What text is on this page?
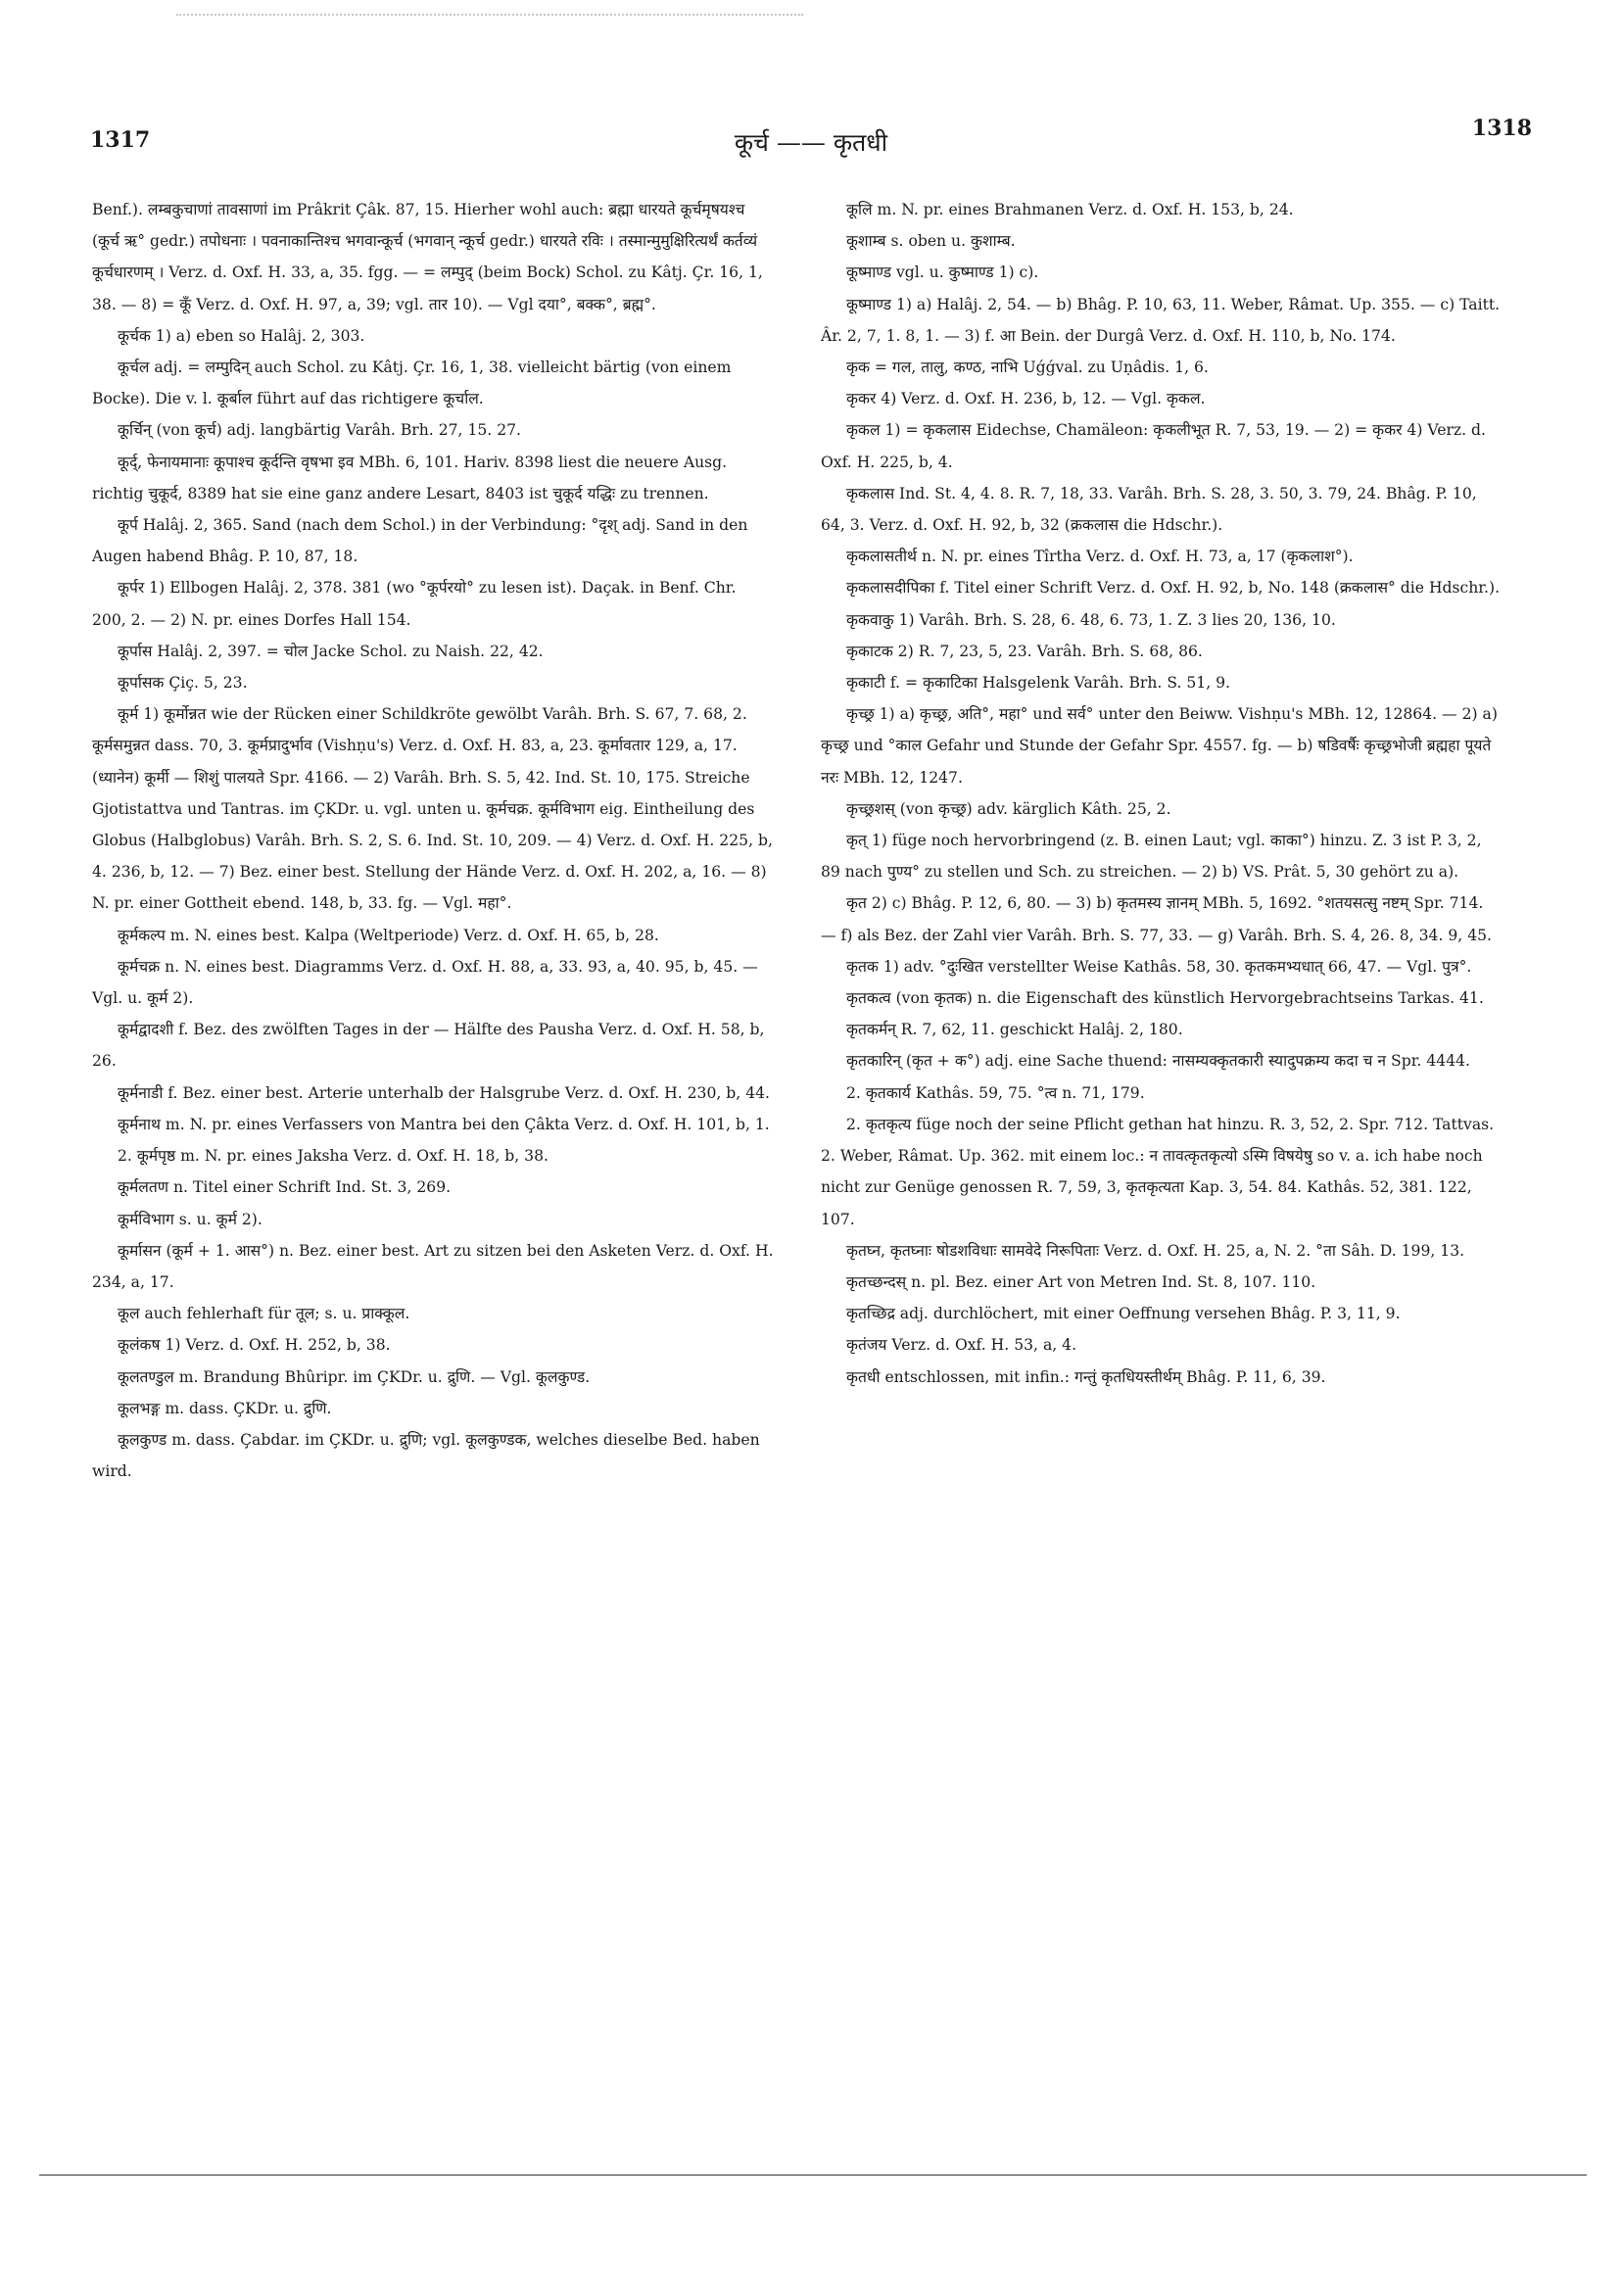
1317	कूर्च —— कृतधी	1318

Benf.). लम्बकुचाणां तावसाणां im Prâkrit Çâk. 87, 15. Hierher wohl auch: ब्रह्मा धारयते कूर्चमृषयश्च (कूर्च ऋ° gedr.) तपोधनाः । पवनाकान्तिश्च भगवान्कूर्च (भगवान् न्कूर्च gedr.) धारयते रविः । तस्मान्मुमुक्षिरित्यर्थं कर्तव्यं कूर्चधारणम् । Verz. d. Oxf. H. 33, a, 35. fgg. — = लम्पुद् (beim Bock) Schol. zu Kâtj. Çr. 16, 1, 38. — 8) = कूँ Verz. d. Oxf. H. 97, a, 39; vgl. तार 10). — Vgl दया°, बक्क°, ब्रह्म°.

कूर्चक 1) a) eben so Halâj. 2, 303.

कूर्चल adj. = लम्पुदिन् auch Schol. zu Kâtj. Çr. 16, 1, 38. vielleicht bärtig (von einem Bocke). Die v. l. कूर्बाल führt auf das richtigere कूर्चाल.

कूर्चिन् (von कूर्च) adj. langbärtig Varâh. Brh. 27, 15. 27.

कूर्द्, फेनायमानाः कूपाश्च कूर्दन्ति वृषभा इव MBh. 6, 101. Hariv. 8398 liest die neuere Ausg. richtig चुकूर्द, 8389 hat sie eine ganz andere Lesart, 8403 ist चुकूर्द यद्धिः zu trennen.

कूर्प Halâj. 2, 365. Sand (nach dem Schol.) in der Verbindung: °दृश् adj. Sand in den Augen habend Bhâg. P. 10, 87, 18.

कूर्पर 1) Ellbogen Halâj. 2, 378. 381 (wo °कूर्परयो° zu lesen ist). Daçak. in Benf. Chr. 200, 2. — 2) N. pr. eines Dorfes Hall 154.

कूर्पास Halâj. 2, 397. = चोल Jacke Schol. zu Naish. 22, 42.

कूर्पासक Çiç. 5, 23.

कूर्म 1) कूर्मोन्नत wie der Rücken einer Schildkröte gewölbt Varâh. Brh. S. 67, 7. 68, 2. कूर्मसमुन्नत dass. 70, 3. कूर्मप्रादुर्भाव (Vishṇu's) Verz. d. Oxf. H. 83, a, 23. कूर्मावतार 129, a, 17. (ध्यानेन) कूर्मी — शिशुं पालयते Spr. 4166. — 2) Varâh. Brh. S. 5, 42. Ind. St. 10, 175. Streiche Gjotistattva und Tantras. im ÇKDr. u. vgl. unten u. कूर्मचक्र. कूर्मविभाग eig. Eintheilung des Globus (Halbglobus) Varâh. Brh. S. 2, S. 6. Ind. St. 10, 209. — 4) Verz. d. Oxf. H. 225, b, 4. 236, b, 12. — 7) Bez. einer best. Stellung der Hände Verz. d. Oxf. H. 202, a, 16. — 8) N. pr. einer Gottheit ebend. 148, b, 33. fg. — Vgl. महा°.

कूर्मकल्प m. N. eines best. Kalpa (Weltperiode) Verz. d. Oxf. H. 65, b, 28.

कूर्मचक्र n. N. eines best. Diagramms Verz. d. Oxf. H. 88, a, 33. 93, a, 40. 95, b, 45. — Vgl. u. कूर्म 2).

कूर्मद्वादशी f. Bez. des zwölften Tages in der — Hälfte des Pausha Verz. d. Oxf. H. 58, b, 26.

कूर्मनाडी f. Bez. einer best. Arterie unterhalb der Halsgrube Verz. d. Oxf. H. 230, b, 44.

कूर्मनाथ m. N. pr. eines Verfassers von Mantra bei den Çâkta Verz. d. Oxf. H. 101, b, 1.

2. कूर्मपृष्ठ m. N. pr. eines Jaksha Verz. d. Oxf. H. 18, b, 38.

कूर्मलतण n. Titel einer Schrift Ind. St. 3, 269.

कूर्मविभाग s. u. कूर्म 2).

कूर्मासन (कूर्म + 1. आस°) n. Bez. einer best. Art zu sitzen bei den Asketen Verz. d. Oxf. H. 234, a, 17.

कूल auch fehlerhaft für तूल; s. u. प्राक्कूल.

कूलंकष 1) Verz. d. Oxf. H. 252, b, 38.

कूलतण्डुल m. Brandung Bhûripr. im ÇKDr. u. द्रुणि. — Vgl. कूलकुण्ड.

कूलभङ्ग m. dass. ÇKDr. u. द्रुणि.

कूलकुण्ड m. dass. Çabdar. im ÇKDr. u. द्रुणि; vgl. कूलकुण्डक, welches dieselbe Bed. haben wird.

कूलि m. N. pr. eines Brahmanen Verz. d. Oxf. H. 153, b, 24.

कूशाम्ब s. oben u. कुशाम्ब.

कूष्माण्ड vgl. u. कुष्माण्ड 1) c).

कूष्माण्ड 1) a) Halâj. 2, 54. — b) Bhâg. P. 10, 63, 11. Weber, Râmat. Up. 355. — c) Taitt. Âr. 2, 7, 1. 8, 1. — 3) f. आ Bein. der Durgâ Verz. d. Oxf. H. 110, b, No. 174.

कृक = गल, तालु, कण्ठ, नाभि Uǵǵval. zu Uṇâdis. 1, 6.

कृकर 4) Verz. d. Oxf. H. 236, b, 12. — Vgl. कृकल.

कृकल 1) = कृकलास Eidechse, Chamäleon: कृकलीभूत R. 7, 53, 19. — 2) = कृकर 4) Verz. d. Oxf. H. 225, b, 4.

कृकलास Ind. St. 4, 4. 8. R. 7, 18, 33. Varâh. Brh. S. 28, 3. 50, 3. 79, 24. Bhâg. P. 10, 64, 3. Verz. d. Oxf. H. 92, b, 32 (क्रकलास die Hdschr.).

कृकलासतीर्थ n. N. pr. eines Tîrtha Verz. d. Oxf. H. 73, a, 17 (कृकलाश°).

कृकलासदीपिका f. Titel einer Schrift Verz. d. Oxf. H. 92, b, No. 148 (क्रकलास° die Hdschr.).

कृकवाकु 1) Varâh. Brh. S. 28, 6. 48, 6. 73, 1. Z. 3 lies 20, 136, 10.

कृकाटक 2) R. 7, 23, 5, 23. Varâh. Brh. S. 68, 86.

कृकाटी f. = कृकाटिका Halsgelenk Varâh. Brh. S. 51, 9.

कृच्छ्र 1) a) कृच्छ्र, अति°, महा° und सर्व° unter den Beiww. Vishṇu's MBh. 12, 12864. — 2) a) कृच्छ्र und °काल Gefahr und Stunde der Gefahr Spr. 4557. fg. — b) षडिवर्षैः कृच्छ्रभोजी ब्रह्महा पूयते नरः MBh. 12, 1247.

कृच्छ्रशस् (von कृच्छ्र) adv. kärglich Kâth. 25, 2.

कृत् 1) füge noch hervorbringend (z. B. einen Laut; vgl. काका°) hinzu. Z. 3 ist P. 3, 2, 89 nach पुण्य° zu stellen und Sch. zu streichen. — 2) b) VS. Prât. 5, 30 gehört zu a).

कृत 2) c) Bhâg. P. 12, 6, 80. — 3) b) कृतमस्य ज्ञानम् MBh. 5, 1692. °शतयसत्सु नष्टम् Spr. 714. — f) als Bez. der Zahl vier Varâh. Brh. S. 77, 33. — g) Varâh. Brh. S. 4, 26. 8, 34. 9, 45.

कृतक 1) adv. °दुःखित verstellter Weise Kathâs. 58, 30. कृतकमभ्यधात् 66, 47. — Vgl. पुत्र°.

कृतकत्व (von कृतक) n. die Eigenschaft des künstlich Hervorgebrachtseins Tarkas. 41.

कृतकर्मन् R. 7, 62, 11. geschickt Halâj. 2, 180.

कृतकारिन् (कृत + क°) adj. eine Sache thuend: नासम्यक्कृतकारी स्यादुपक्रम्य कदा च न Spr. 4444.

2. कृतकार्य Kathâs. 59, 75. °त्व n. 71, 179.

2. कृतकृत्य füge noch der seine Pflicht gethan hat hinzu. R. 3, 52, 2. Spr. 712. Tattvas. 2. Weber, Râmat. Up. 362. mit einem loc.: न तावत्कृतकृत्यो ऽस्मि विषयेषु so v. a. ich habe noch nicht zur Genüge genossen R. 7, 59, 3, कृतकृत्यता Kap. 3, 54. 84. Kathâs. 52, 381. 122, 107.

कृतघ्न, कृतघ्नाः षोडशविधाः सामवेदे निरूपिताः Verz. d. Oxf. H. 25, a, N. 2. °ता Sâh. D. 199, 13.

कृतच्छन्दस् n. pl. Bez. einer Art von Metren Ind. St. 8, 107. 110.

कृतच्छिद्र adj. durchlöchert, mit einer Oeffnung versehen Bhâg. P. 3, 11, 9.

कृतंजय Verz. d. Oxf. H. 53, a, 4.

कृतधी entschlossen, mit infin.: गन्तुं कृतधियस्तीर्थम् Bhâg. P. 11, 6, 39.
